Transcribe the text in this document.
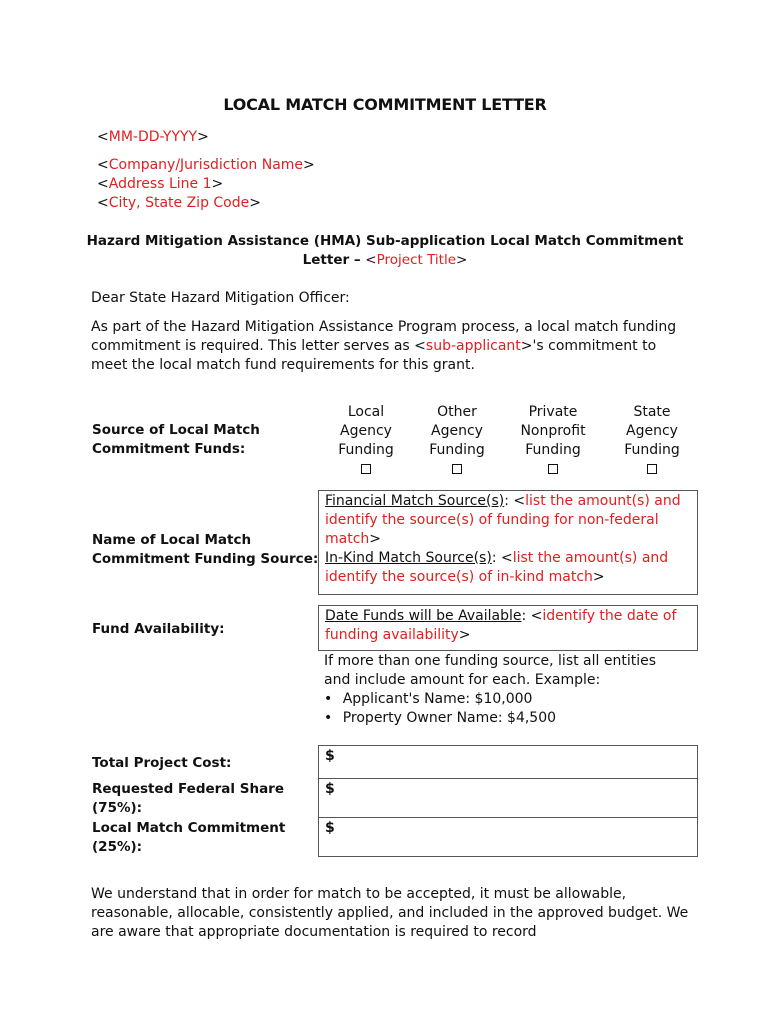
LOCAL MATCH COMMITMENT LETTER
<MM-DD-YYYY>
<Company/Jurisdiction Name>
<Address Line 1>
<City, State Zip Code>
Hazard Mitigation Assistance (HMA) Sub-application Local Match Commitment Letter – <Project Title>
Dear State Hazard Mitigation Officer:
As part of the Hazard Mitigation Assistance Program process, a local match funding commitment is required. This letter serves as <sub-applicant>'s commitment to meet the local match fund requirements for this grant.
Source of Local Match Commitment Funds:
Local Agency Funding
Other Agency Funding
Private Nonprofit Funding
State Agency Funding
Name of Local Match Commitment Funding Source:
Financial Match Source(s): <list the amount(s) and identify the source(s) of funding for non-federal match>
In-Kind Match Source(s): <list the amount(s) and identify the source(s) of in-kind match>
Fund Availability:
Date Funds will be Available: <identify the date of funding availability>
If more than one funding source, list all entities and include amount for each. Example:
• Applicant's Name: $10,000
• Property Owner Name: $4,500
Total Project Cost:	$
Requested Federal Share (75%):
$
Local Match Commitment (25%):
$
We understand that in order for match to be accepted, it must be allowable, reasonable, allocable, consistently applied, and included in the approved budget. We are aware that appropriate documentation is required to record
